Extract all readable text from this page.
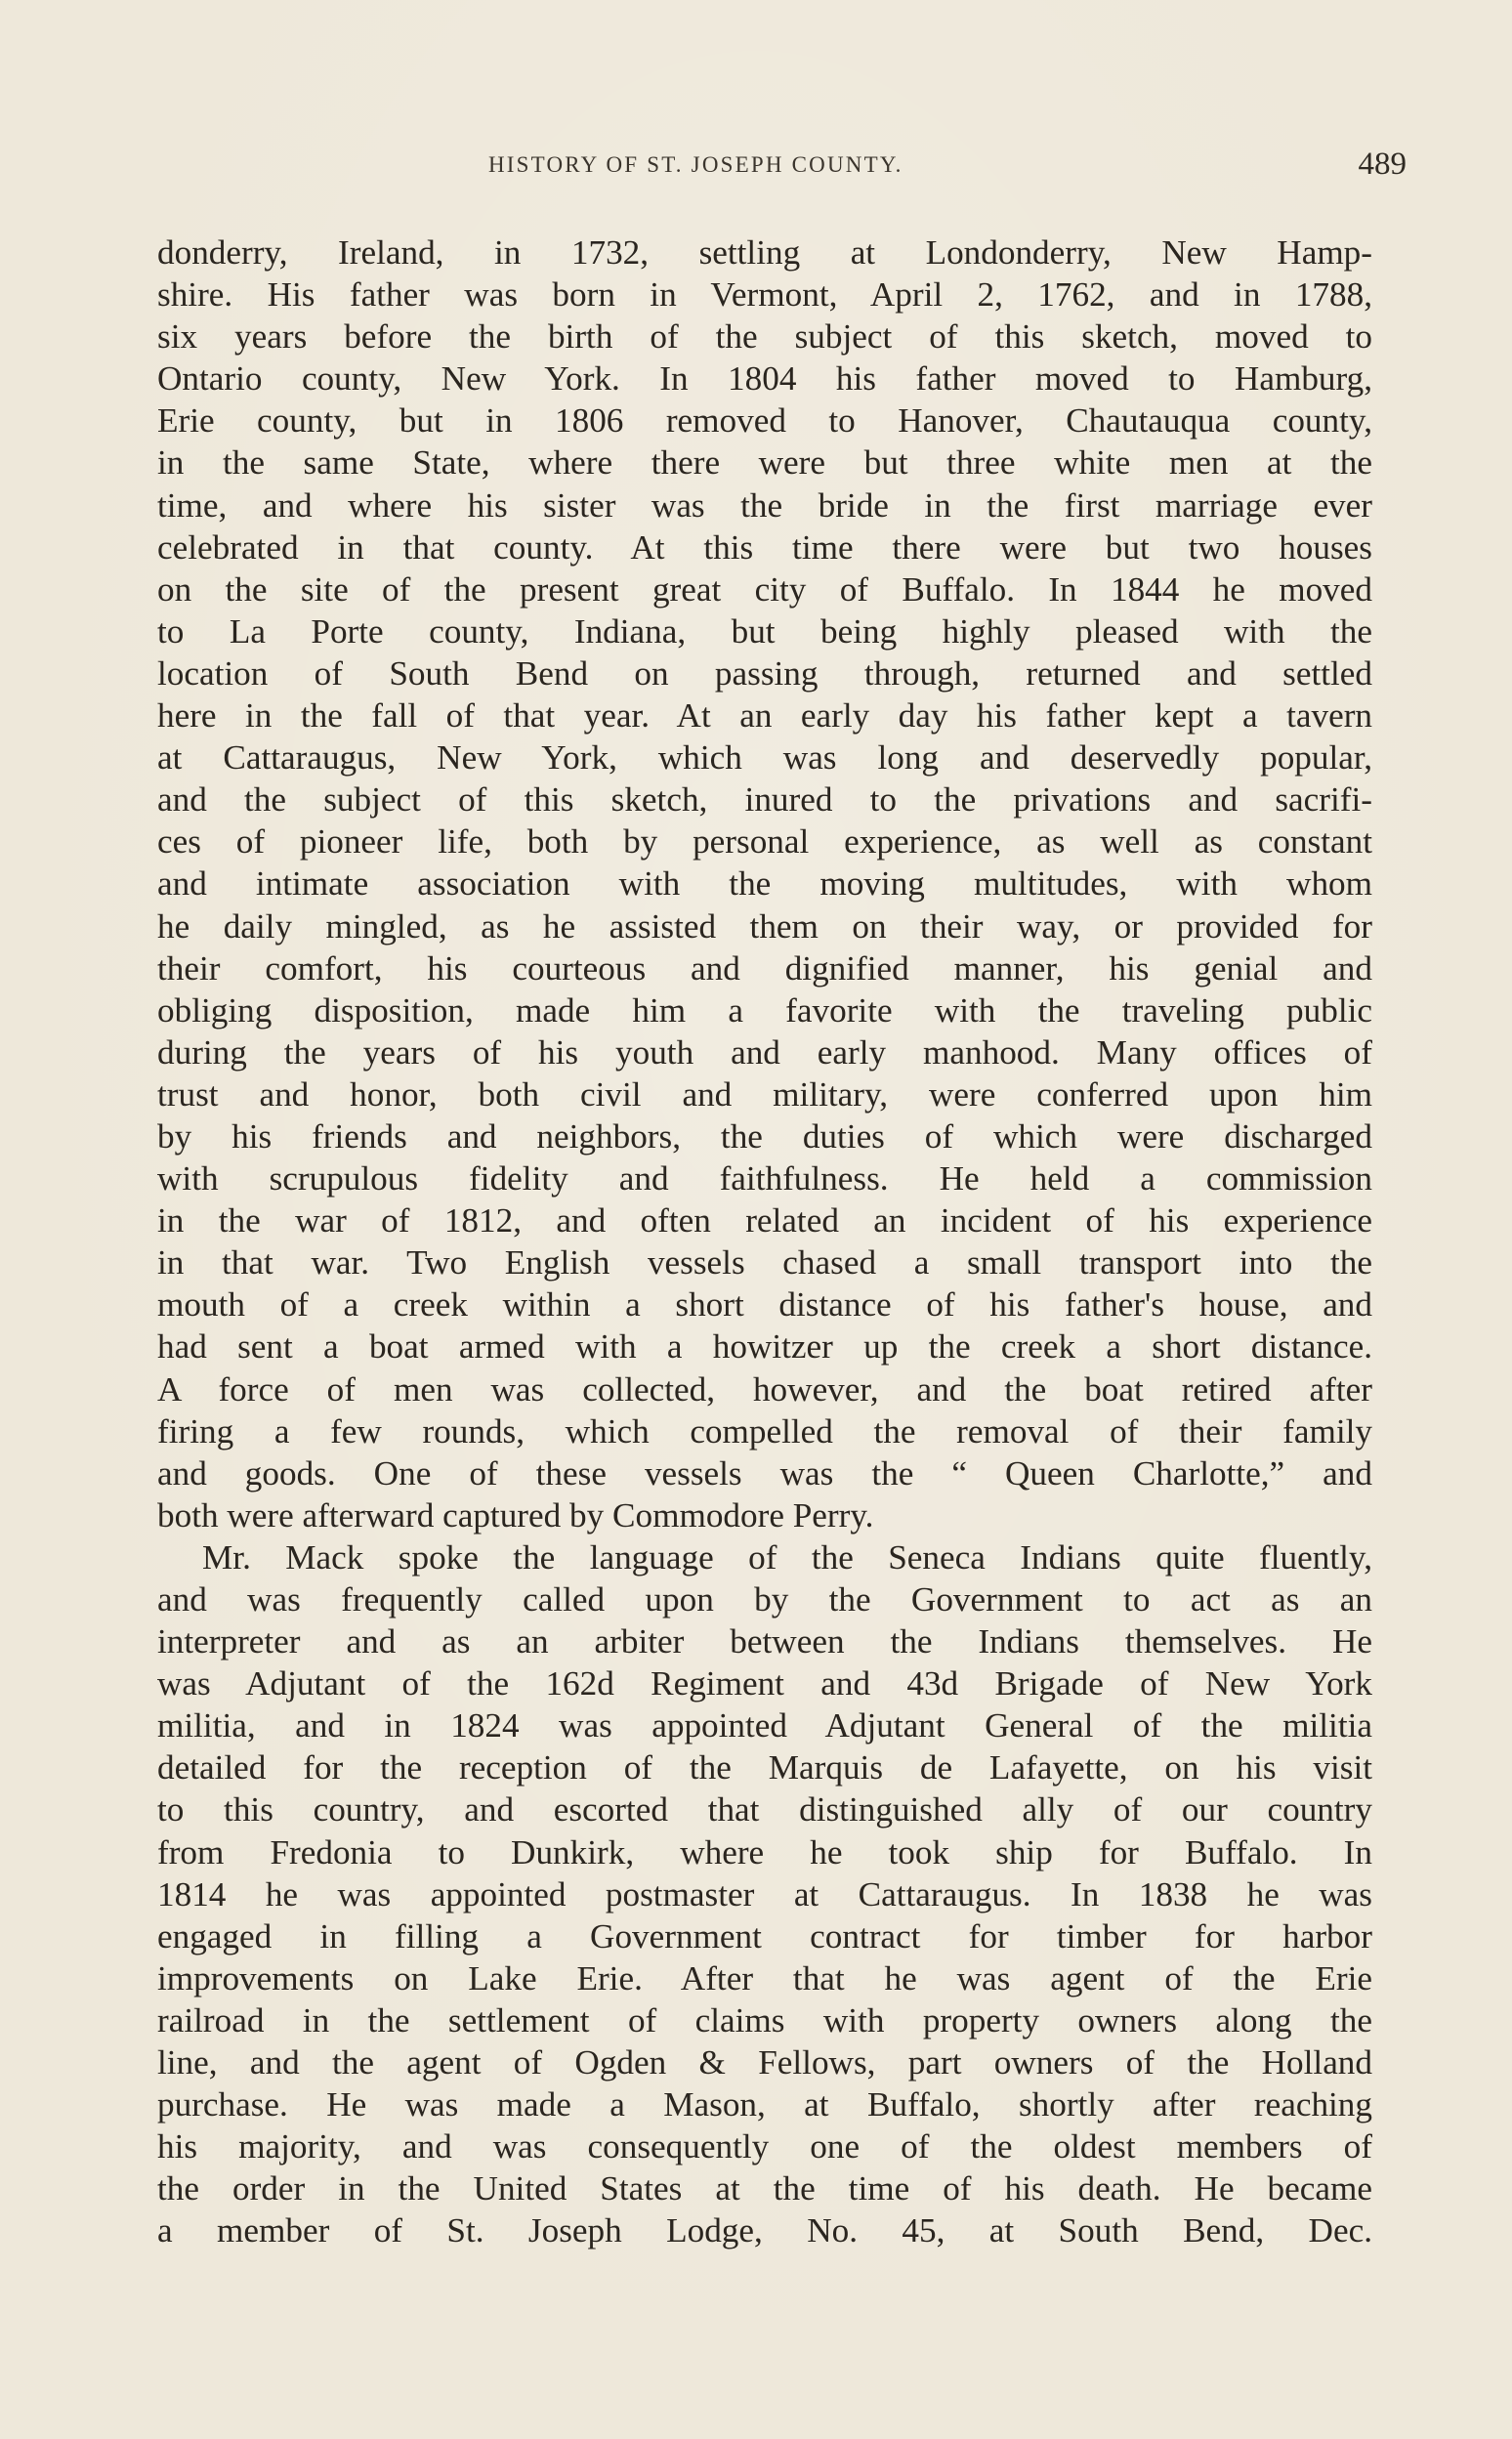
HISTORY OF ST. JOSEPH COUNTY.	489
donderry, Ireland, in 1732, settling at Londonderry, New Hamp-
shire. His father was born in Vermont, April 2, 1762, and in 1788,
six years before the birth of the subject of this sketch, moved to
Ontario county, New York. In 1804 his father moved to Hamburg,
Erie county, but in 1806 removed to Hanover, Chautauqua county,
in the same State, where there were but three white men at the
time, and where his sister was the bride in the first marriage ever
celebrated in that county. At this time there were but two houses
on the site of the present great city of Buffalo. In 1844 he moved
to La Porte county, Indiana, but being highly pleased with the
location of South Bend on passing through, returned and settled
here in the fall of that year. At an early day his father kept a tavern
at Cattaraugus, New York, which was long and deservedly popular,
and the subject of this sketch, inured to the privations and sacrifi-
ces of pioneer life, both by personal experience, as well as constant
and intimate association with the moving multitudes, with whom
he daily mingled, as he assisted them on their way, or provided for
their comfort, his courteous and dignified manner, his genial and
obliging disposition, made him a favorite with the traveling public
during the years of his youth and early manhood. Many offices of
trust and honor, both civil and military, were conferred upon him
by his friends and neighbors, the duties of which were discharged
with scrupulous fidelity and faithfulness. He held a commission
in the war of 1812, and often related an incident of his experience
in that war. Two English vessels chased a small transport into the
mouth of a creek within a short distance of his father's house, and
had sent a boat armed with a howitzer up the creek a short distance.
A force of men was collected, however, and the boat retired after
firing a few rounds, which compelled the removal of their family
and goods. One of these vessels was the “ Queen Charlotte,” and
both were afterward captured by Commodore Perry.
Mr. Mack spoke the language of the Seneca Indians quite fluently,
and was frequently called upon by the Government to act as an
interpreter and as an arbiter between the Indians themselves. He
was Adjutant of the 162d Regiment and 43d Brigade of New York
militia, and in 1824 was appointed Adjutant General of the militia
detailed for the reception of the Marquis de Lafayette, on his visit
to this country, and escorted that distinguished ally of our country
from Fredonia to Dunkirk, where he took ship for Buffalo. In
1814 he was appointed postmaster at Cattaraugus. In 1838 he was
engaged in filling a Government contract for timber for harbor
improvements on Lake Erie. After that he was agent of the Erie
railroad in the settlement of claims with property owners along the
line, and the agent of Ogden & Fellows, part owners of the Holland
purchase. He was made a Mason, at Buffalo, shortly after reaching
his majority, and was consequently one of the oldest members of
the order in the United States at the time of his death. He became
a member of St. Joseph Lodge, No. 45, at South Bend, Dec.
